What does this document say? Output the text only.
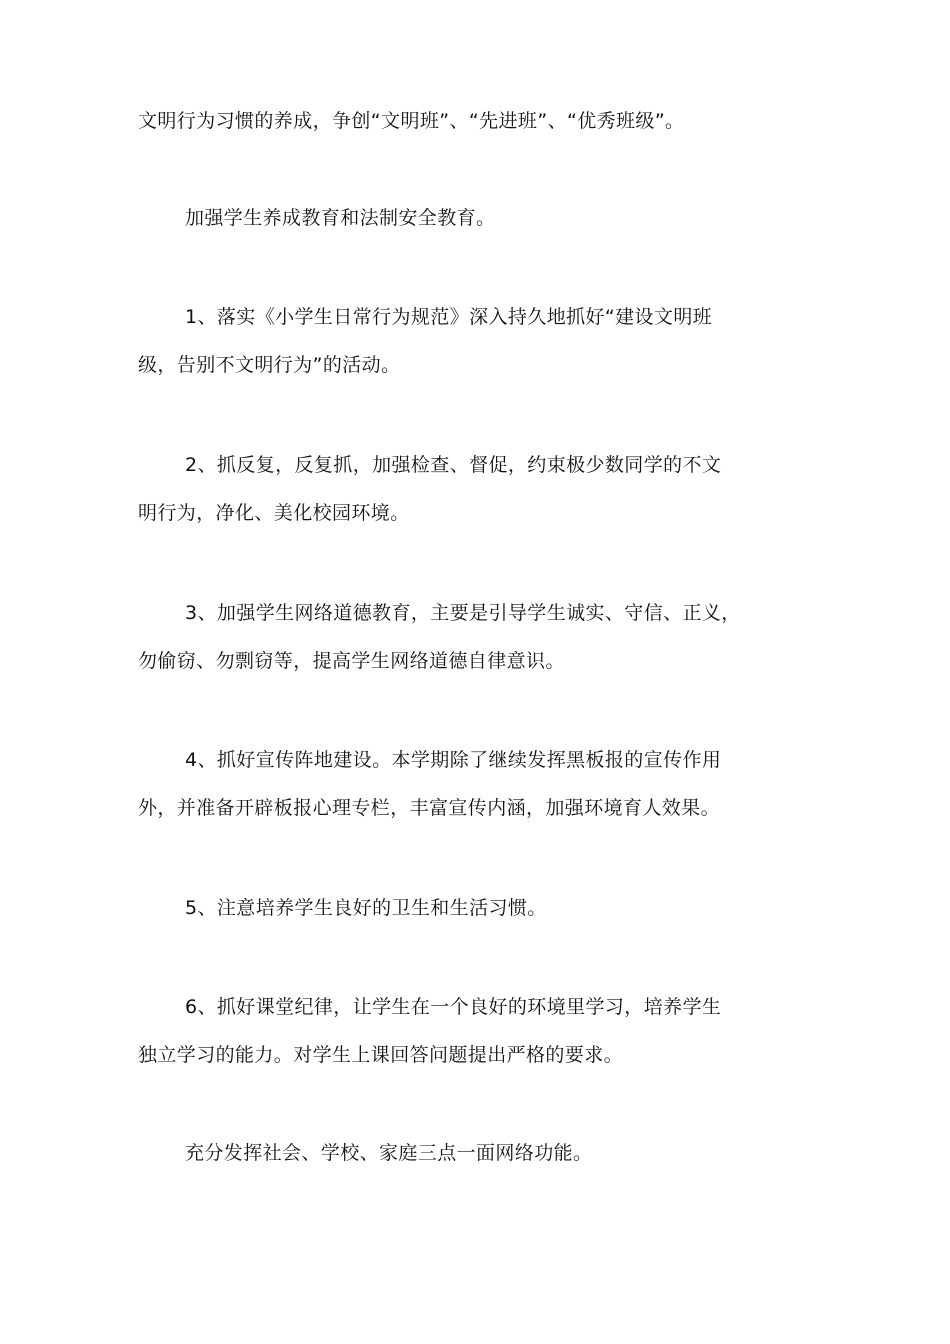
文明行为习惯的养成，争创“文明班”、“先进班”、“优秀班级”。
加强学生养成教育和法制安全教育。
1、落实《小学生日常行为规范》深入持久地抓好“建设文明班
级，告别不文明行为”的活动。
2、抓反复，反复抓，加强检查、督促，约束极少数同学的不文
明行为，净化、美化校园环境。
3、加强学生网络道德教育，主要是引导学生诚实、守信、正义，
勿偷窃、勿剽窃等，提高学生网络道德自律意识。
4、抓好宣传阵地建设。本学期除了继续发挥黑板报的宣传作用
外，并准备开辟板报心理专栏，丰富宣传内涵，加强环境育人效果。
5、注意培养学生良好的卫生和生活习惯。
6、抓好课堂纪律，让学生在一个良好的环境里学习，培养学生
独立学习的能力。对学生上课回答问题提出严格的要求。
充分发挥社会、学校、家庭三点一面网络功能。
